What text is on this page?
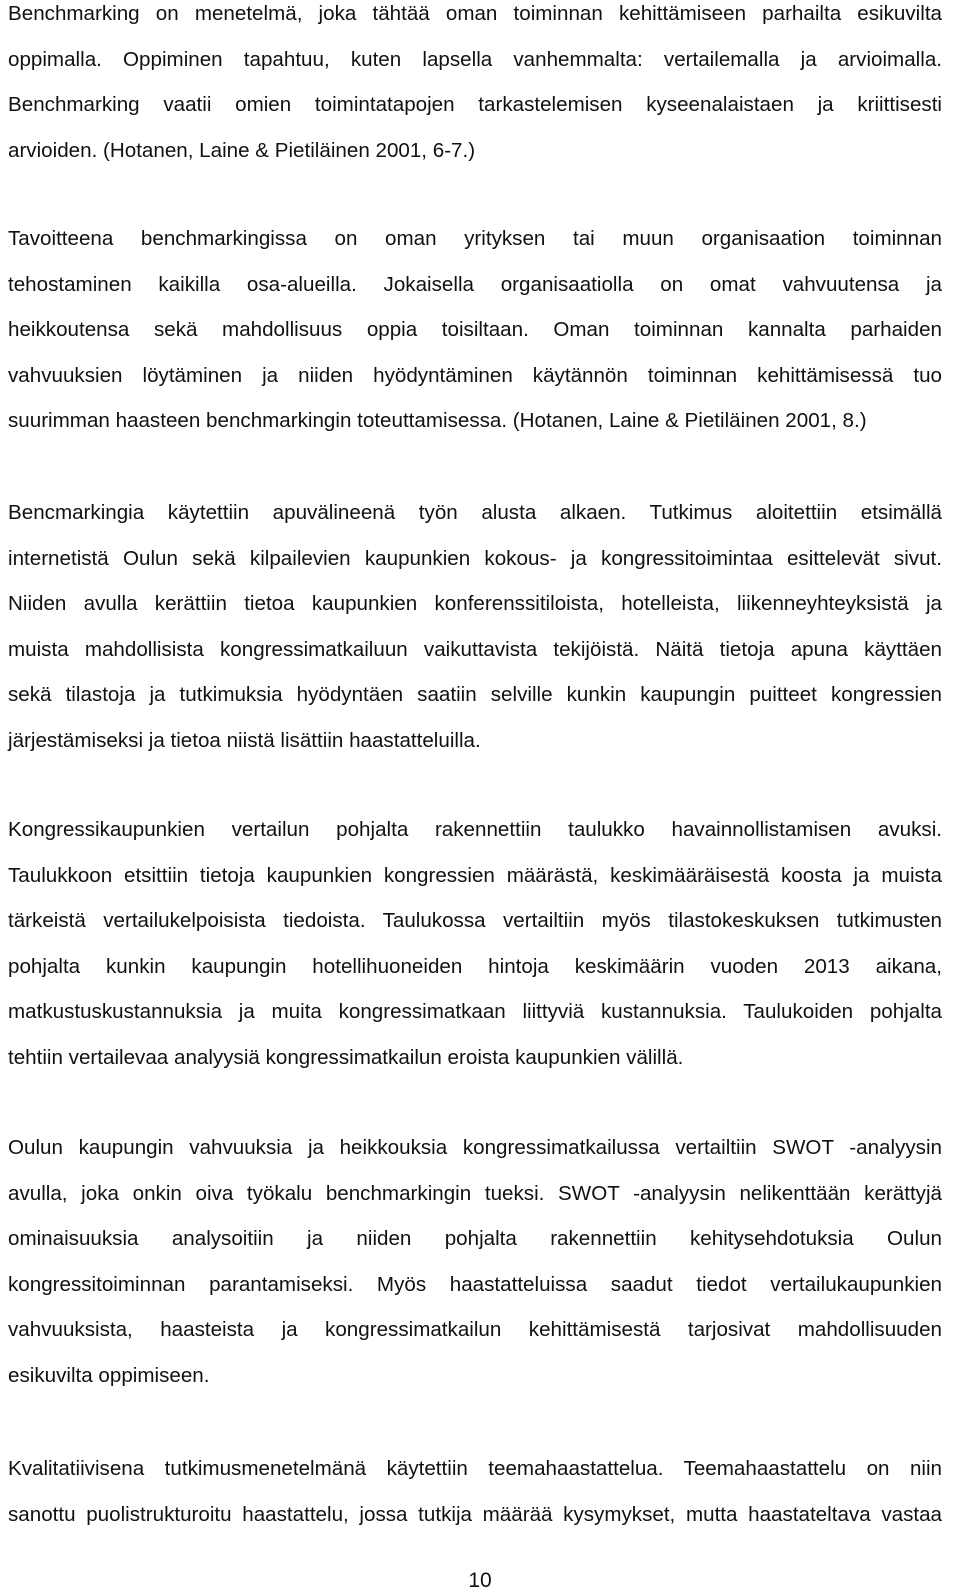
Benchmarking on menetelmä, joka tähtää oman toiminnan kehittämiseen parhailta esikuvilta
oppimalla. Oppiminen tapahtuu, kuten lapsella vanhemmalta: vertailemalla ja arvioimalla.
Benchmarking vaatii omien toimintatapojen tarkastelemisen kyseenalaistaen ja kriittisesti
arvioiden. (Hotanen, Laine & Pietiläinen 2001, 6-7.)

Tavoitteena benchmarkingissa on oman yrityksen tai muun organisaation toiminnan
tehostaminen kaikilla osa-alueilla. Jokaisella organisaatiolla on omat vahvuutensa ja
heikkoutensa sekä mahdollisuus oppia toisiltaan. Oman toiminnan kannalta parhaiden
vahvuuksien löytäminen ja niiden hyödyntäminen käytännön toiminnan kehittämisessä tuo
suurimman haasteen benchmarkingin toteuttamisessa. (Hotanen, Laine & Pietiläinen 2001, 8.)

Bencmarkingia käytettiin apuvälineenä työn alusta alkaen. Tutkimus aloitettiin etsimällä
internetistä Oulun sekä kilpailevien kaupunkien kokous- ja kongressitoimintaa esittelevät sivut.
Niiden avulla kerättiin tietoa kaupunkien konferenssitiloista, hotelleista, liikenneyhteyksistä ja
muista mahdollisista kongressimatkailuun vaikuttavista tekijöistä. Näitä tietoja apuna käyttäen
sekä tilastoja ja tutkimuksia hyödyntäen saatiin selville kunkin kaupungin puitteet kongressien
järjestämiseksi ja tietoa niistä lisättiin haastatteluilla.

Kongressikaupunkien vertailun pohjalta rakennettiin taulukko havainnollistamisen avuksi.
Taulukkoon etsittiin tietoja kaupunkien kongressien määrästä, keskimääräisestä koosta ja muista
tärkeistä vertailukelpoisista tiedoista. Taulukossa vertailtiin myös tilastokeskuksen tutkimusten
pohjalta kunkin kaupungin hotellihuoneiden hintoja keskimäärin vuoden 2013 aikana,
matkustuskustannuksia ja muita kongressimatkaan liittyviä kustannuksia. Taulukoiden pohjalta
tehtiin vertailevaa analyysiä kongressimatkailun eroista kaupunkien välillä.

Oulun kaupungin vahvuuksia ja heikkouksia kongressimatkailussa vertailtiin SWOT -analyysin
avulla, joka onkin oiva työkalu benchmarkingin tueksi. SWOT -analyysin nelikenttään kerättyjä
ominaisuuksia analysoitiin ja niiden pohjalta rakennettiin kehitysehdotuksia Oulun
kongressitoiminnan parantamiseksi. Myös haastatteluissa saadut tiedot vertailukaupunkien
vahvuuksista, haasteista ja kongressimatkailun kehittämisestä tarjosivat mahdollisuuden
esikuvilta oppimiseen.

Kvalitatiivisena tutkimusmenetelmänä käytettiin teemahaastattelua. Teemahaastattelu on niin
sanottu puolistrukturoitu haastattelu, jossa tutkija määrää kysymykset, mutta haastateltava vastaa

10
